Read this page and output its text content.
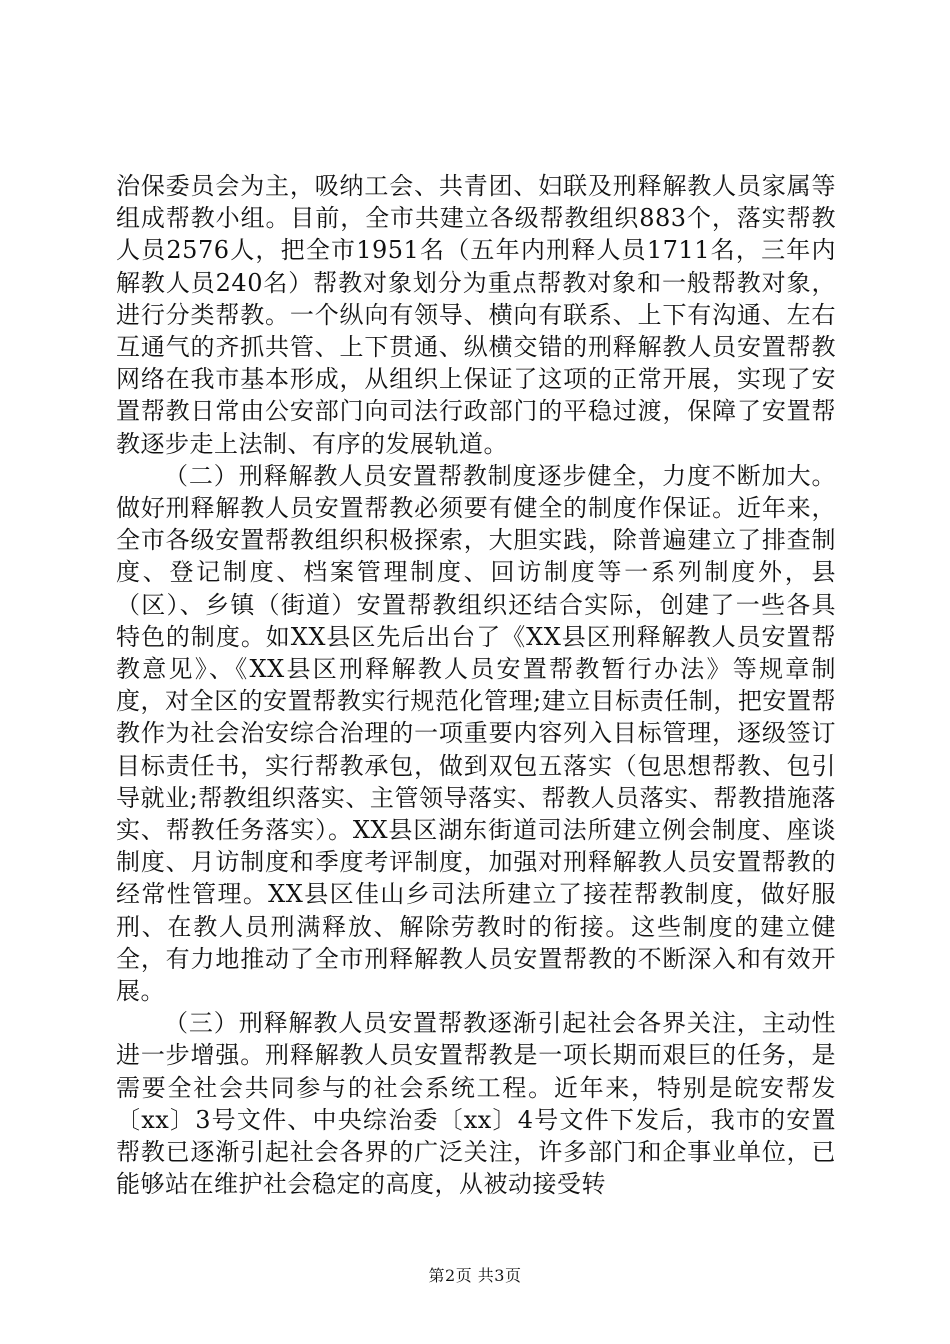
治保委员会为主，吸纳工会、共青团、妇联及刑释解教人员家属等组成帮教小组。目前，全市共建立各级帮教组织883个，落实帮教人员2576人，把全市1951名（五年内刑释人员1711名，三年内解教人员240名）帮教对象划分为重点帮教对象和一般帮教对象，进行分类帮教。一个纵向有领导、横向有联系、上下有沟通、左右互通气的齐抓共管、上下贯通、纵横交错的刑释解教人员安置帮教网络在我市基本形成，从组织上保证了这项的正常开展，实现了安置帮教日常由公安部门向司法行政部门的平稳过渡，保障了安置帮教逐步走上法制、有序的发展轨道。

（二）刑释解教人员安置帮教制度逐步健全，力度不断加大。做好刑释解教人员安置帮教必须要有健全的制度作保证。近年来，全市各级安置帮教组织积极探索，大胆实践，除普遍建立了排查制度、登记制度、档案管理制度、回访制度等一系列制度外，县（区）、乡镇（街道）安置帮教组织还结合实际，创建了一些各具特色的制度。如XX县区先后出台了《XX县区刑释解教人员安置帮教意见》、《XX县区刑释解教人员安置帮教暂行办法》等规章制度，对全区的安置帮教实行规范化管理;建立目标责任制，把安置帮教作为社会治安综合治理的一项重要内容列入目标管理，逐级签订目标责任书，实行帮教承包，做到双包五落实（包思想帮教、包引导就业;帮教组织落实、主管领导落实、帮教人员落实、帮教措施落实、帮教任务落实）。XX县区湖东街道司法所建立例会制度、座谈制度、月访制度和季度考评制度，加强对刑释解教人员安置帮教的经常性管理。XX县区佳山乡司法所建立了接茬帮教制度，做好服刑、在教人员刑满释放、解除劳教时的衔接。这些制度的建立健全，有力地推动了全市刑释解教人员安置帮教的不断深入和有效开展。

（三）刑释解教人员安置帮教逐渐引起社会各界关注，主动性进一步增强。刑释解教人员安置帮教是一项长期而艰巨的任务，是需要全社会共同参与的社会系统工程。近年来，特别是皖安帮发〔xx〕3号文件、中央综治委〔xx〕4号文件下发后，我市的安置帮教已逐渐引起社会各界的广泛关注，许多部门和企事业单位，已能够站在维护社会稳定的高度，从被动接受转

第2页 共3页
